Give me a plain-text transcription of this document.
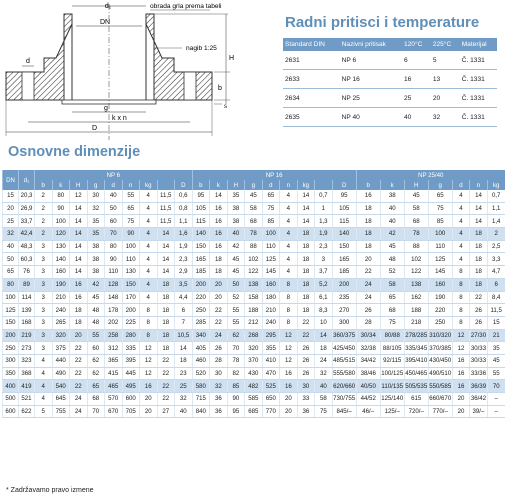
d₁
DN
obrada grla prema tabeli
nagib 1:25
d	H
b
s
g
k x n
D
Radni pritisci i temperature
Standard DIN	Nazivni pritisak	120°C	225°C	Materijal
2631	NP 6	6	5	Č. 1331
2633	NP 16	16	13	Č. 1331
2634	NP 25	25	20	Č. 1331
2635	NP 40	40	32	Č. 1331
Osnovne dimenzije
DN	d₁	NP 6									NP 16									NP 25/40						
		b	k	H	g	d	n	kg		D	b	k	H	g	d	n	kg		D	b	k	H	g	d	n	kg
15	20,3	2	80	12	30	40	55	4	11,5	0,6	95	14	35	45	65	4	14	0,7	95	16	38	45	65	4	14	0,7
20	26,9	2	90	14	32	50	65	4	11,5	0,8	105	16	38	58	75	4	14	1	105	18	40	58	75	4	14	1,1
25	33,7	2	100	14	35	60	75	4	11,5	1,1	115	16	38	68	85	4	14	1,3	115	18	40	68	85	4	14	1,4
32	42,4	2	120	14	35	70	90	4	14	1,6	140	16	40	78	100	4	18	1,9	140	18	42	78	100	4	18	2
40	48,3	3	130	14	38	80	100	4	14	1,9	150	16	42	88	110	4	18	2,3	150	18	45	88	110	4	18	2,5
50	60,3	3	140	14	38	90	110	4	14	2,3	165	18	45	102	125	4	18	3	165	20	48	102	125	4	18	3,3
65	76	3	160	14	38	110	130	4	14	2,9	185	18	45	122	145	4	18	3,7	185	22	52	122	145	8	18	4,7
80	89	3	190	16	42	128	150	4	18	3,5	200	20	50	138	160	8	18	5,2	200	24	58	138	160	8	18	6
100	114	3	210	16	45	148	170	4	18	4,4	220	20	52	158	180	8	18	6,1	235	24	65	162	190	8	22	8,4
125	139	3	240	18	48	178	200	8	18	6	250	22	55	188	210	8	18	8,3	270	26	68	188	220	8	26	11,5
150	168	3	265	18	48	202	225	8	18	7	285	22	55	212	240	8	22	10	300	28	75	218	250	8	26	15
200	219	3	320	20	55	258	280	8	18	10,5	340	24	62	268	295	12	22	14	360/375	30/34	80/88	278/285	310/320	12	27/30	21
250	273	3	375	22	60	312	335	12	18	14	405	26	70	320	355	12	26	18	425/450	32/38	88/105	335/345	370/385	12	30/33	35
300	323	4	440	22	62	365	395	12	22	18	460	28	78	370	410	12	26	24	485/515	34/42	92/115	395/410	430/450	16	30/33	45
350	368	4	490	22	62	415	445	12	22	23	520	30	82	430	470	16	26	32	555/580	38/46	100/125	450/465	490/510	16	33/36	55
400	419	4	540	22	65	465	495	16	22	25	580	32	85	482	525	16	30	40	620/660	40/50	110/135	505/535	550/585	16	36/39	70
500	521	4	645	24	68	570	600	20	22	32	715	36	90	585	650	20	33	58	730/755	44/52	125/140	615	660/670	20	36/42	–
600	622	5	755	24	70	670	705	20	27	40	840	36	95	685	770	20	36	75	845/–	46/–	125/–	720/–	770/–	20	39/–	–
* Zadržavamo pravo izmene
